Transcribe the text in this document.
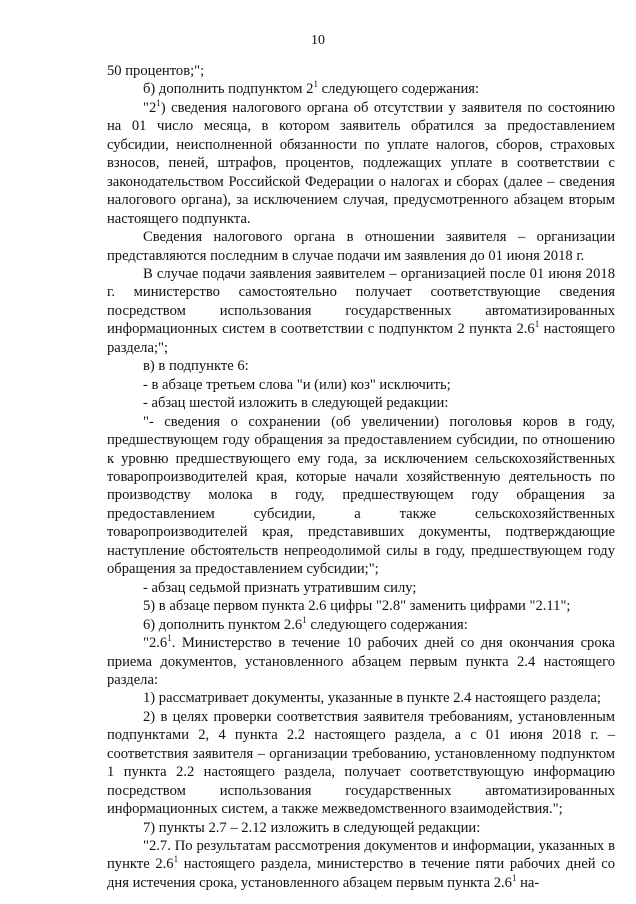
10

50 процентов;";

б) дополнить подпунктом $2^1$ следующего содержания:

"$2^1$) сведения налогового органа об отсутствии у заявителя по состоянию на 01 число месяца, в котором заявитель обратился за предоставлением субсидии, неисполненной обязанности по уплате налогов, сборов, страховых взносов, пеней, штрафов, процентов, подлежащих уплате в соответствии с законодательством Российской Федерации о налогах и сборах (далее – сведения налогового органа), за исключением случая, предусмотренного абзацем вторым настоящего подпункта.

Сведения налогового органа в отношении заявителя – организации представляются последним в случае подачи им заявления до 01 июня 2018 г.

В случае подачи заявления заявителем – организацией после 01 июня 2018 г. министерство самостоятельно получает соответствующие сведения посредством использования государственных автоматизированных информационных систем в соответствии с подпунктом 2 пункта $2.6^1$ настоящего раздела;";

в) в подпункте 6:

- в абзаце третьем слова "и (или) коз" исключить;

- абзац шестой изложить в следующей редакции:

"- сведения о сохранении (об увеличении) поголовья коров в году, предшествующем году обращения за предоставлением субсидии, по отношению к уровню предшествующего ему года, за исключением сельскохозяйственных товаропроизводителей края, которые начали хозяйственную деятельность по производству молока в году, предшествующем году обращения за предоставлением субсидии, а также сельскохозяйственных товаропроизводителей края, представивших документы, подтверждающие наступление обстоятельств непреодолимой силы в году, предшествующем году обращения за предоставлением субсидии;";

- абзац седьмой признать утратившим силу;

5) в абзаце первом пункта 2.6 цифры "2.8" заменить цифрами "2.11";

6) дополнить пунктом $2.6^1$ следующего содержания:

"$2.6^1$. Министерство в течение 10 рабочих дней со дня окончания срока приема документов, установленного абзацем первым пункта 2.4 настоящего раздела:

1) рассматривает документы, указанные в пункте 2.4 настоящего раздела;

2) в целях проверки соответствия заявителя требованиям, установленным подпунктами 2, 4 пункта 2.2 настоящего раздела, а с 01 июня 2018 г. – соответствия заявителя – организации требованию, установленному подпунктом 1 пункта 2.2 настоящего раздела, получает соответствующую информацию посредством использования государственных автоматизированных информационных систем, а также межведомственного взаимодействия.";

7) пункты 2.7 – 2.12 изложить в следующей редакции:

"2.7. По результатам рассмотрения документов и информации, указанных в пункте $2.6^1$ настоящего раздела, министерство в течение пяти рабочих дней со дня истечения срока, установленного абзацем первым пункта $2.6^1$ на-
